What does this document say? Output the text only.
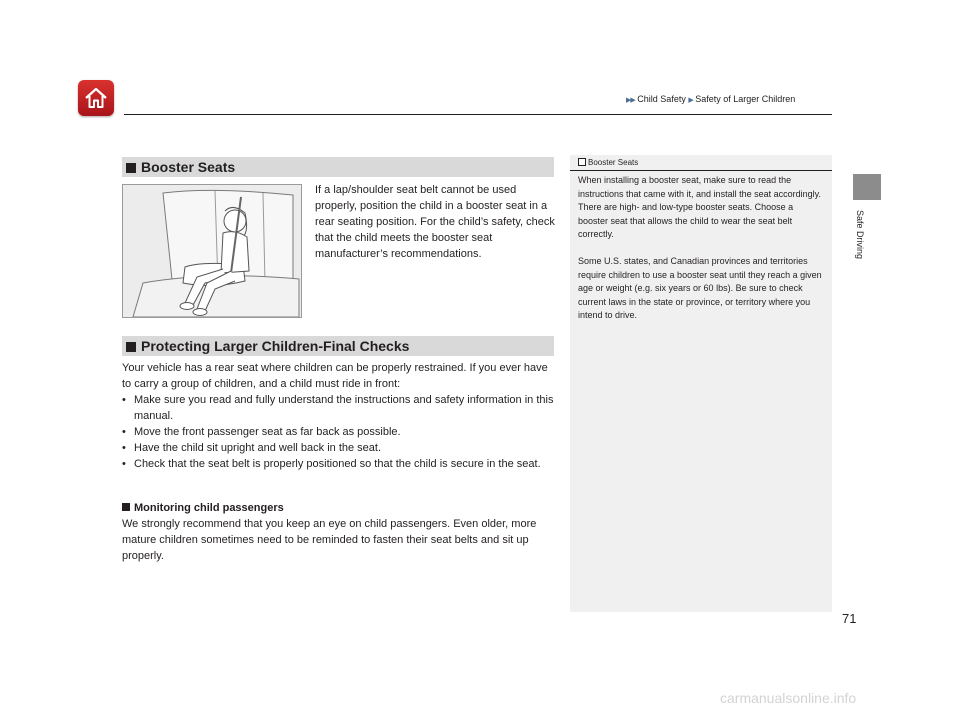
▶▶ Child Safety ▶ Safety of Larger Children
Safe Driving
Booster Seats
If a lap/shoulder seat belt cannot be used properly, position the child in a booster seat in a rear seating position. For the child’s safety, check that the child meets the booster seat manufacturer’s recommendations.
Protecting Larger Children-Final Checks

Your vehicle has a rear seat where children can be properly restrained. If you ever have to carry a group of children, and a child must ride in front:

• Make sure you read and fully understand the instructions and safety information in this manual.
• Move the front passenger seat as far back as possible.
• Have the child sit upright and well back in the seat.
• Check that the seat belt is properly positioned so that the child is secure in the seat.

Monitoring child passengers

We strongly recommend that you keep an eye on child passengers. Even older, more mature children sometimes need to be reminded to fasten their seat belts and sit up properly.

Booster Seats

When installing a booster seat, make sure to read the instructions that came with it, and install the seat accordingly.
There are high- and low-type booster seats. Choose a booster seat that allows the child to wear the seat belt correctly.

Some U.S. states, and Canadian provinces and territories require children to use a booster seat until they reach a given age or weight (e.g. six years or 60 lbs). Be sure to check current laws in the state or province, or territory where you intend to drive.

71
carmanualsonline.info
